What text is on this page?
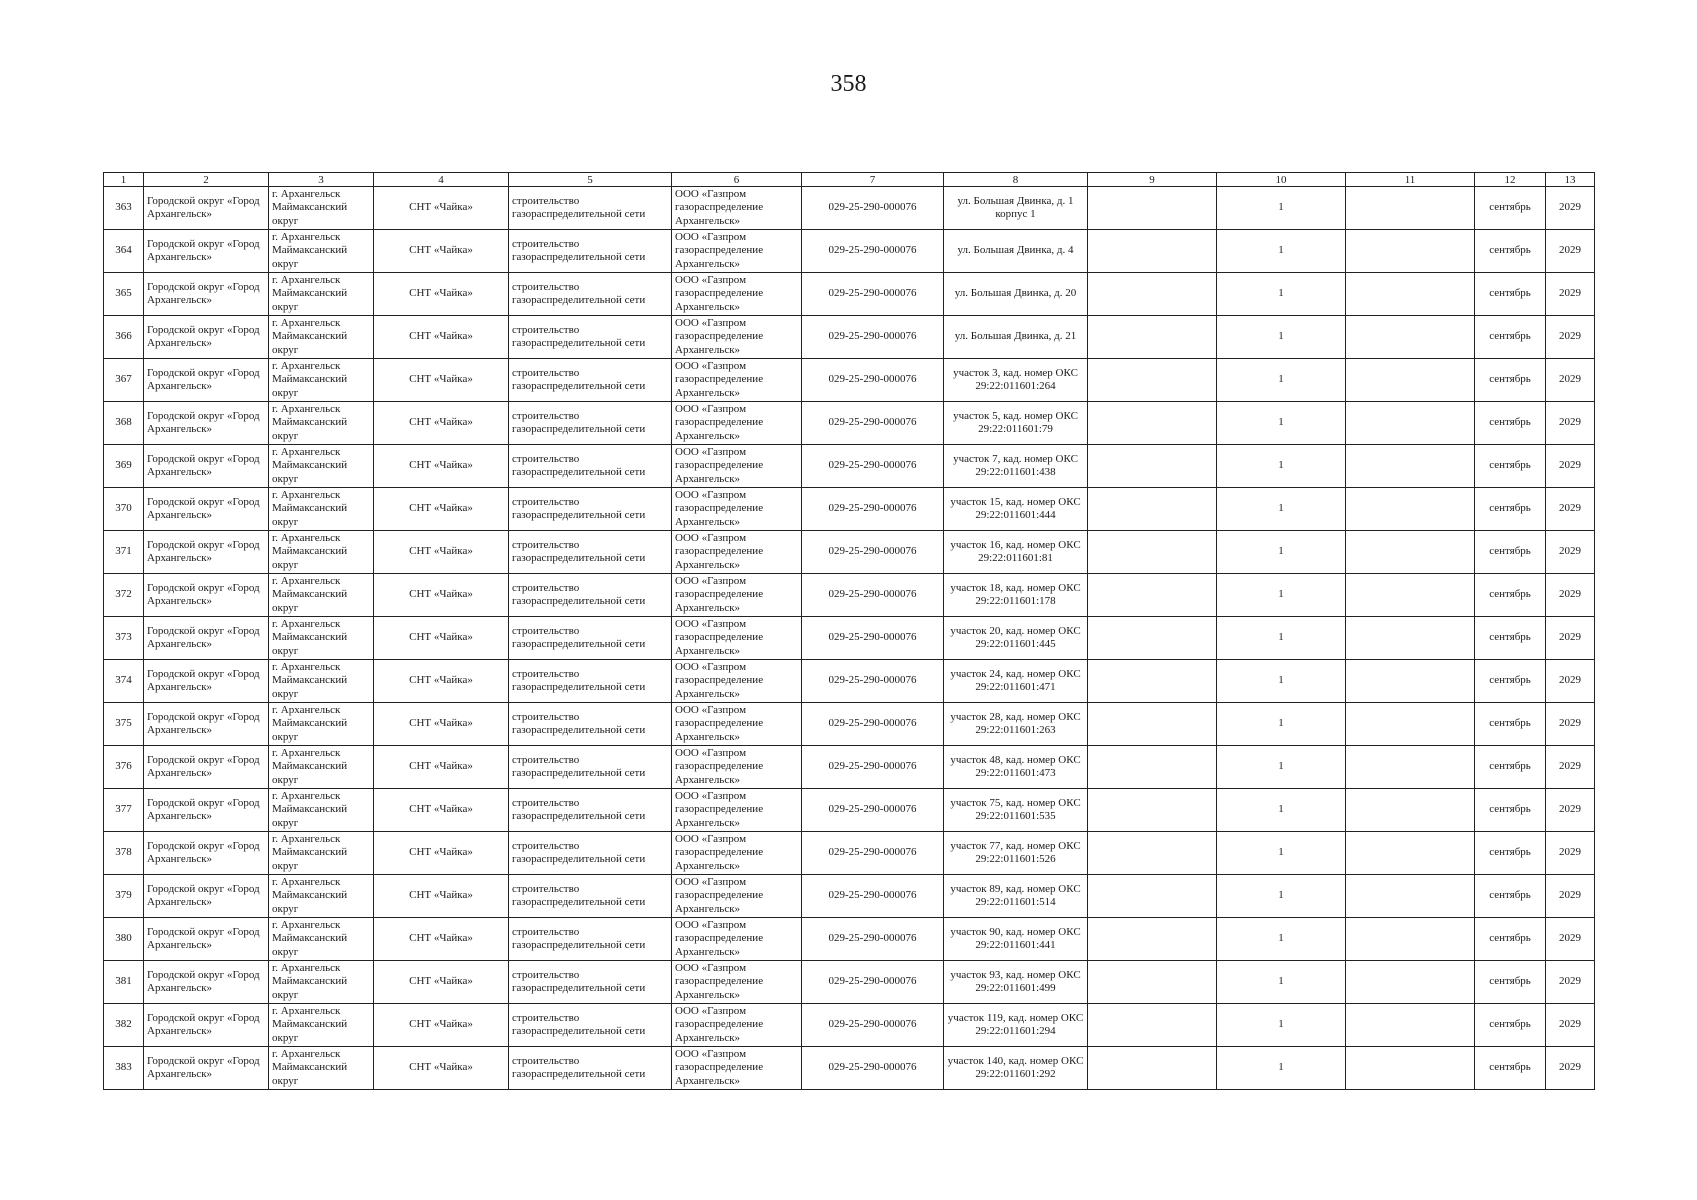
358
1	2	3	4	5	6	7	8	9	10	11	12	13
363	Городской округ «Город Архангельск»	г. Архангельск Маймаксанский округ	СНТ «Чайка»	строительство газораспределительной сети	ООО «Газпром газораспределение Архангельск»	029-25-290-000076	ул. Большая Двинка, д. 1 корпус 1		1		сентябрь	2029
364	Городской округ «Город Архангельск»	г. Архангельск Маймаксанский округ	СНТ «Чайка»	строительство газораспределительной сети	ООО «Газпром газораспределение Архангельск»	029-25-290-000076	ул. Большая Двинка, д. 4		1		сентябрь	2029
365	Городской округ «Город Архангельск»	г. Архангельск Маймаксанский округ	СНТ «Чайка»	строительство газораспределительной сети	ООО «Газпром газораспределение Архангельск»	029-25-290-000076	ул. Большая Двинка, д. 20		1		сентябрь	2029
366	Городской округ «Город Архангельск»	г. Архангельск Маймаксанский округ	СНТ «Чайка»	строительство газораспределительной сети	ООО «Газпром газораспределение Архангельск»	029-25-290-000076	ул. Большая Двинка, д. 21		1		сентябрь	2029
367	Городской округ «Город Архангельск»	г. Архангельск Маймаксанский округ	СНТ «Чайка»	строительство газораспределительной сети	ООО «Газпром газораспределение Архангельск»	029-25-290-000076	участок 3, кад. номер ОКС 29:22:011601:264		1		сентябрь	2029
368	Городской округ «Город Архангельск»	г. Архангельск Маймаксанский округ	СНТ «Чайка»	строительство газораспределительной сети	ООО «Газпром газораспределение Архангельск»	029-25-290-000076	участок 5, кад. номер ОКС 29:22:011601:79		1		сентябрь	2029
369	Городской округ «Город Архангельск»	г. Архангельск Маймаксанский округ	СНТ «Чайка»	строительство газораспределительной сети	ООО «Газпром газораспределение Архангельск»	029-25-290-000076	участок 7, кад. номер ОКС 29:22:011601:438		1		сентябрь	2029
370	Городской округ «Город Архангельск»	г. Архангельск Маймаксанский округ	СНТ «Чайка»	строительство газораспределительной сети	ООО «Газпром газораспределение Архангельск»	029-25-290-000076	участок 15, кад. номер ОКС 29:22:011601:444		1		сентябрь	2029
371	Городской округ «Город Архангельск»	г. Архангельск Маймаксанский округ	СНТ «Чайка»	строительство газораспределительной сети	ООО «Газпром газораспределение Архангельск»	029-25-290-000076	участок 16, кад. номер ОКС 29:22:011601:81		1		сентябрь	2029
372	Городской округ «Город Архангельск»	г. Архангельск Маймаксанский округ	СНТ «Чайка»	строительство газораспределительной сети	ООО «Газпром газораспределение Архангельск»	029-25-290-000076	участок 18, кад. номер ОКС 29:22:011601:178		1		сентябрь	2029
373	Городской округ «Город Архангельск»	г. Архангельск Маймаксанский округ	СНТ «Чайка»	строительство газораспределительной сети	ООО «Газпром газораспределение Архангельск»	029-25-290-000076	участок 20, кад. номер ОКС 29:22:011601:445		1		сентябрь	2029
374	Городской округ «Город Архангельск»	г. Архангельск Маймаксанский округ	СНТ «Чайка»	строительство газораспределительной сети	ООО «Газпром газораспределение Архангельск»	029-25-290-000076	участок 24, кад. номер ОКС 29:22:011601:471		1		сентябрь	2029
375	Городской округ «Город Архангельск»	г. Архангельск Маймаксанский округ	СНТ «Чайка»	строительство газораспределительной сети	ООО «Газпром газораспределение Архангельск»	029-25-290-000076	участок 28, кад. номер ОКС 29:22:011601:263		1		сентябрь	2029
376	Городской округ «Город Архангельск»	г. Архангельск Маймаксанский округ	СНТ «Чайка»	строительство газораспределительной сети	ООО «Газпром газораспределение Архангельск»	029-25-290-000076	участок 48, кад. номер ОКС 29:22:011601:473		1		сентябрь	2029
377	Городской округ «Город Архангельск»	г. Архангельск Маймаксанский округ	СНТ «Чайка»	строительство газораспределительной сети	ООО «Газпром газораспределение Архангельск»	029-25-290-000076	участок 75, кад. номер ОКС 29:22:011601:535		1		сентябрь	2029
378	Городской округ «Город Архангельск»	г. Архангельск Маймаксанский округ	СНТ «Чайка»	строительство газораспределительной сети	ООО «Газпром газораспределение Архангельск»	029-25-290-000076	участок 77, кад. номер ОКС 29:22:011601:526		1		сентябрь	2029
379	Городской округ «Город Архангельск»	г. Архангельск Маймаксанский округ	СНТ «Чайка»	строительство газораспределительной сети	ООО «Газпром газораспределение Архангельск»	029-25-290-000076	участок 89, кад. номер ОКС 29:22:011601:514		1		сентябрь	2029
380	Городской округ «Город Архангельск»	г. Архангельск Маймаксанский округ	СНТ «Чайка»	строительство газораспределительной сети	ООО «Газпром газораспределение Архангельск»	029-25-290-000076	участок 90, кад. номер ОКС 29:22:011601:441		1		сентябрь	2029
381	Городской округ «Город Архангельск»	г. Архангельск Маймаксанский округ	СНТ «Чайка»	строительство газораспределительной сети	ООО «Газпром газораспределение Архангельск»	029-25-290-000076	участок 93, кад. номер ОКС 29:22:011601:499		1		сентябрь	2029
382	Городской округ «Город Архангельск»	г. Архангельск Маймаксанский округ	СНТ «Чайка»	строительство газораспределительной сети	ООО «Газпром газораспределение Архангельск»	029-25-290-000076	участок 119, кад. номер ОКС 29:22:011601:294		1		сентябрь	2029
383	Городской округ «Город Архангельск»	г. Архангельск Маймаксанский округ	СНТ «Чайка»	строительство газораспределительной сети	ООО «Газпром газораспределение Архангельск»	029-25-290-000076	участок 140, кад. номер ОКС 29:22:011601:292		1		сентябрь	2029
